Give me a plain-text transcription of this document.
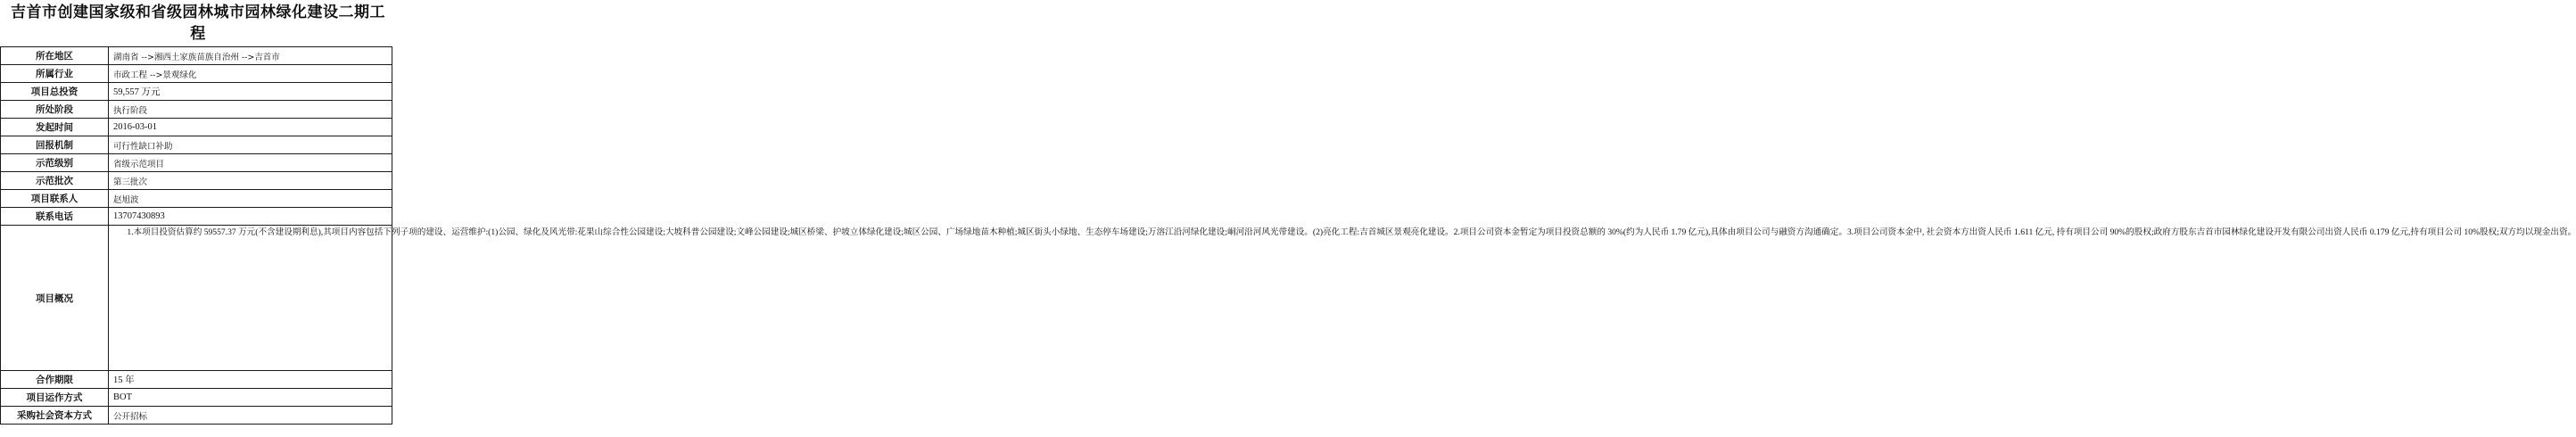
吉首市创建国家级和省级园林城市园林绿化建设二期工程
所在地区	湖南省 -->湘西土家族苗族自治州 -->吉首市
所属行业	市政工程 -->景观绿化
项目总投资	59,557 万元
所处阶段	执行阶段
发起时间	2016-03-01
回报机制	可行性缺口补助
示范级别	省级示范项目
示范批次	第三批次
项目联系人	赵旭波
联系电话	13707430893
项目概况	1.本项目投资估算约 59557.37 万元(不含建设期利息),其项目内容包括下列子项的建设、运营维护:(1)公园、绿化及风光带:花果山综合性公园建设;大坡科普公园建设;文峰公园建设;城区桥梁、护坡立体绿化建设;城区公园、广场绿地苗木种植;城区街头小绿地、生态停车场建设;万溶江沿河绿化建设;峒河沿河风光带建设。(2)亮化工程:吉首城区景观亮化建设。2.项目公司资本金暂定为项目投资总额的 30%(约为人民币 1.79 亿元),具体由项目公司与融资方沟通确定。3.项目公司资本金中, 社会资本方出资人民币 1.611 亿元, 持有项目公司 90%的股权;政府方股东吉首市园林绿化建设开发有限公司出资人民币 0.179 亿元,持有项目公司 10%股权;双方均以现金出资。
合作期限	15 年
项目运作方式	BOT
采购社会资本方式	公开招标
